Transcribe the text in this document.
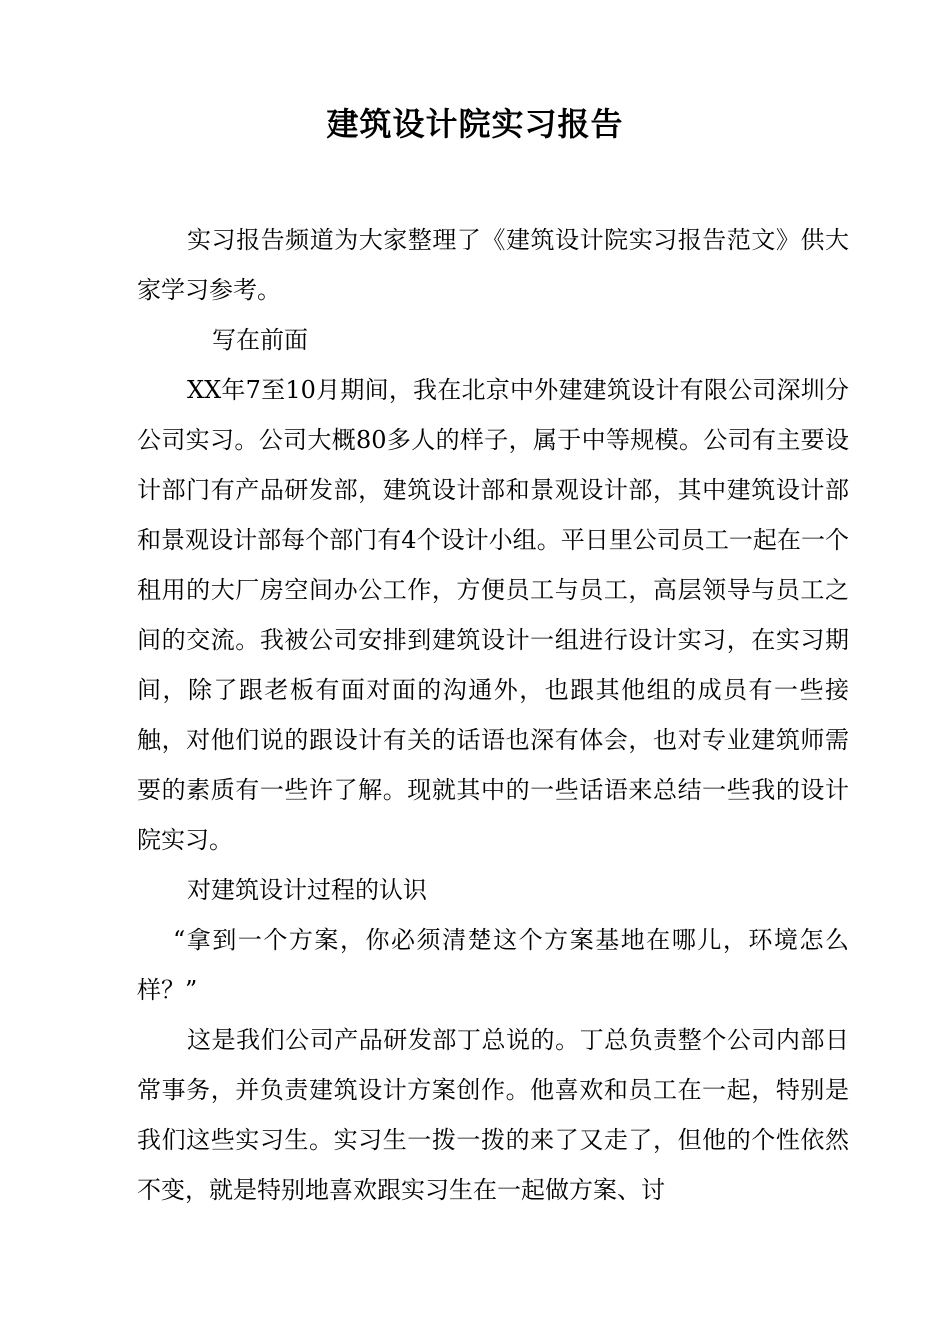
建筑设计院实习报告

实习报告频道为大家整理了《建筑设计院实习报告范文》供大家学习参考。

写在前面

XX年7至10月期间，我在北京中外建建筑设计有限公司深圳分公司实习。公司大概80多人的样子，属于中等规模。公司有主要设计部门有产品研发部，建筑设计部和景观设计部，其中建筑设计部和景观设计部每个部门有4个设计小组。平日里公司员工一起在一个租用的大厂房空间办公工作，方便员工与员工，高层领导与员工之间的交流。我被公司安排到建筑设计一组进行设计实习，在实习期间，除了跟老板有面对面的沟通外，也跟其他组的成员有一些接触，对他们说的跟设计有关的话语也深有体会，也对专业建筑师需要的素质有一些许了解。现就其中的一些话语来总结一些我的设计院实习。

对建筑设计过程的认识

“拿到一个方案，你必须清楚这个方案基地在哪儿，环境怎么样？”

这是我们公司产品研发部丁总说的。丁总负责整个公司内部日常事务，并负责建筑设计方案创作。他喜欢和员工在一起，特别是我们这些实习生。实习生一拨一拨的来了又走了，但他的个性依然不变，就是特别地喜欢跟实习生在一起做方案、讨
